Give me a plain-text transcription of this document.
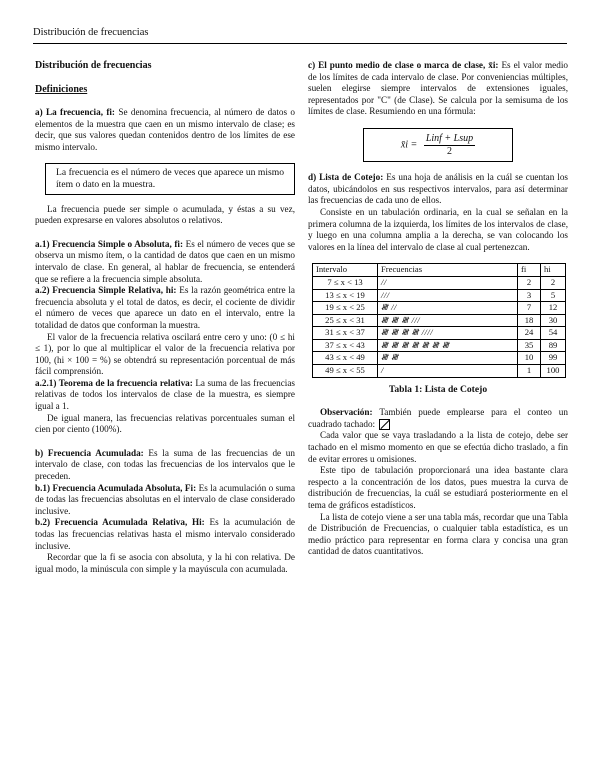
Distribución de frecuencias

Distribución de frecuencias

Definiciones

a) La frecuencia, fi: Se denomina frecuencia, al número de datos o elementos de la muestra que caen en un mismo intervalo de clase; es decir, que sus valores quedan contenidos dentro de los límites de ese mismo intervalo.

La frecuencia es el número de veces que aparece un mismo ítem o dato en la muestra.

La frecuencia puede ser simple o acumulada, y éstas a su vez, pueden expresarse en valores absolutos o relativos.

a.1) Frecuencia Simple o Absoluta, fi: Es el número de veces que se observa un mismo ítem, o la cantidad de datos que caen en un mismo intervalo de clase. En general, al hablar de frecuencia, se entenderá que se refiere a la frecuencia simple absoluta.

a.2) Frecuencia Simple Relativa, hi: Es la razón geométrica entre la frecuencia absoluta y el total de datos, es decir, el cociente de dividir el número de veces que aparece un dato en el intervalo, entre la totalidad de datos que conforman la muestra.

El valor de la frecuencia relativa oscilará entre cero y uno: (0 ≤ hi ≤ 1), por lo que al multiplicar el valor de la frecuencia relativa por 100, (hi × 100 = %) se obtendrá su representación porcentual de más fácil comprensión.

a.2.1) Teorema de la frecuencia relativa: La suma de las frecuencias relativas de todos los intervalos de clase de la muestra, es siempre igual a 1.

De igual manera, las frecuencias relativas porcentuales suman el cien por ciento (100%).

b) Frecuencia Acumulada: Es la suma de las frecuencias de un intervalo de clase, con todas las frecuencias de los intervalos que le preceden.

b.1) Frecuencia Acumulada Absoluta, Fi: Es la acumulación o suma de todas las frecuencias absolutas en el intervalo de clase considerado inclusive.

b.2) Frecuencia Acumulada Relativa, Hi: Es la acumulación de todas las frecuencias relativas hasta el mismo intervalo considerado inclusive.

Recordar que la fi se asocia con absoluta, y la hi con relativa. De igual modo, la minúscula con simple y la mayúscula con acumulada.

c) El punto medio de clase o marca de clase, x̄i: Es el valor medio de los límites de cada intervalo de clase. Por conveniencias múltiples, suelen elegirse siempre intervalos de extensiones iguales, representados por "C" (de Clase). Se calcula por la semisuma de los límites de clase. Resumiendo en una fórmula:

x̄i = $\frac{\text{Linf + Lsup}}{2}$

d) Lista de Cotejo: Es una hoja de análisis en la cuál se cuentan los datos, ubicándolos en sus respectivos intervalos, para así determinar las frecuencias de cada uno de ellos.

Consiste en un tabulación ordinaria, en la cual se señalan en la primera columna de la izquierda, los límites de los intervalos de clase, y luego en una columna amplia a la derecha, se van colocando los valores en la línea del intervalo de clase al cual pertenezcan.

Intervalo	Frecuencias	fi	hi
7 ≤ x < 13	//	2	2
13 ≤ x < 19	///	3	5
19 ≤ x < 25	𝍸 //	7	12
25 ≤ x < 31	𝍸 𝍸 𝍸 ///	18	30
31 ≤ x < 37	𝍸 𝍸 𝍸 𝍸 ////	24	54
37 ≤ x < 43	𝍸 𝍸 𝍸 𝍸 𝍸 𝍸 𝍸	35	89
43 ≤ x < 49	𝍸 𝍸	10	99
49 ≤ x < 55	/	1	100

Tabla 1: Lista de Cotejo

Observación: También puede emplearse para el conteo un cuadrado tachado:

Cada valor que se vaya trasladando a la lista de cotejo, debe ser tachado en el mismo momento en que se efectúa dicho traslado, a fin de evitar errores u omisiones.

Este tipo de tabulación proporcionará una idea bastante clara respecto a la concentración de los datos, pues muestra la curva de distribución de frecuencias, la cuál se estudiará posteriormente en el tema de gráficos estadísticos.

La lista de cotejo viene a ser una tabla más, recordar que una Tabla de Distribución de Frecuencias, o cualquier tabla estadística, es un medio práctico para representar en forma clara y concisa una gran cantidad de datos cuantitativos.
